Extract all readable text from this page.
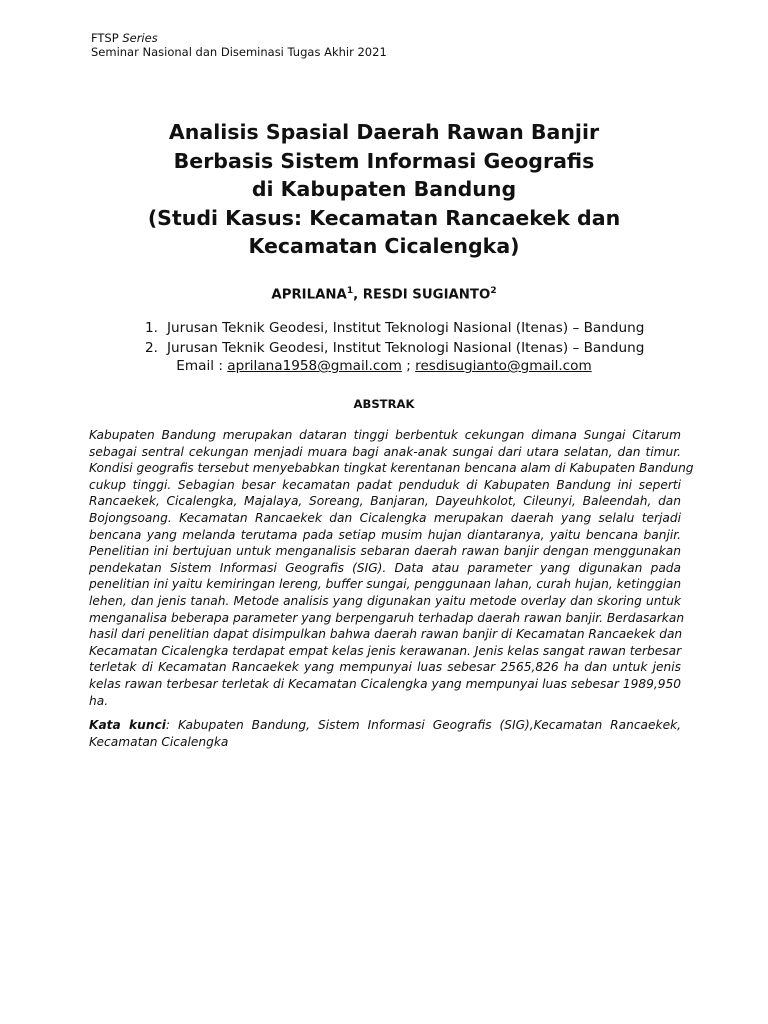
FTSP Series
Seminar Nasional dan Diseminasi Tugas Akhir 2021
Analisis Spasial Daerah Rawan Banjir
Berbasis Sistem Informasi Geografis
di Kabupaten Bandung
(Studi Kasus: Kecamatan Rancaekek dan
Kecamatan Cicalengka)
APRILANA$^1$, RESDI SUGIANTO$^2$
1. Jurusan Teknik Geodesi, Institut Teknologi Nasional (Itenas) – Bandung
2. Jurusan Teknik Geodesi, Institut Teknologi Nasional (Itenas) – Bandung
Email : aprilana1958@gmail.com ; resdisugianto@gmail.com
ABSTRAK
Kabupaten Bandung merupakan dataran tinggi berbentuk cekungan dimana Sungai Citarum
sebagai sentral cekungan menjadi muara bagi anak-anak sungai dari utara selatan, dan timur.
Kondisi geografis tersebut menyebabkan tingkat kerentanan bencana alam di Kabupaten Bandung
cukup tinggi. Sebagian besar kecamatan padat penduduk di Kabupaten Bandung ini seperti
Rancaekek, Cicalengka, Majalaya, Soreang, Banjaran, Dayeuhkolot, Cileunyi, Baleendah, dan
Bojongsoang. Kecamatan Rancaekek dan Cicalengka merupakan daerah yang selalu terjadi
bencana yang melanda terutama pada setiap musim hujan diantaranya, yaitu bencana banjir.
Penelitian ini bertujuan untuk menganalisis sebaran daerah rawan banjir dengan menggunakan
pendekatan Sistem Informasi Geografis (SIG). Data atau parameter yang digunakan pada
penelitian ini yaitu kemiringan lereng, buffer sungai, penggunaan lahan, curah hujan, ketinggian
lehen, dan jenis tanah. Metode analisis yang digunakan yaitu metode overlay dan skoring untuk
menganalisa beberapa parameter yang berpengaruh terhadap daerah rawan banjir. Berdasarkan
hasil dari penelitian dapat disimpulkan bahwa daerah rawan banjir di Kecamatan Rancaekek dan
Kecamatan Cicalengka terdapat empat kelas jenis kerawanan. Jenis kelas sangat rawan terbesar
terletak di Kecamatan Rancaekek yang mempunyai luas sebesar 2565,826 ha dan untuk jenis
kelas rawan terbesar terletak di Kecamatan Cicalengka yang mempunyai luas sebesar 1989,950
ha.
Kata kunci: Kabupaten Bandung, Sistem Informasi Geografis (SIG),Kecamatan Rancaekek,
Kecamatan Cicalengka
